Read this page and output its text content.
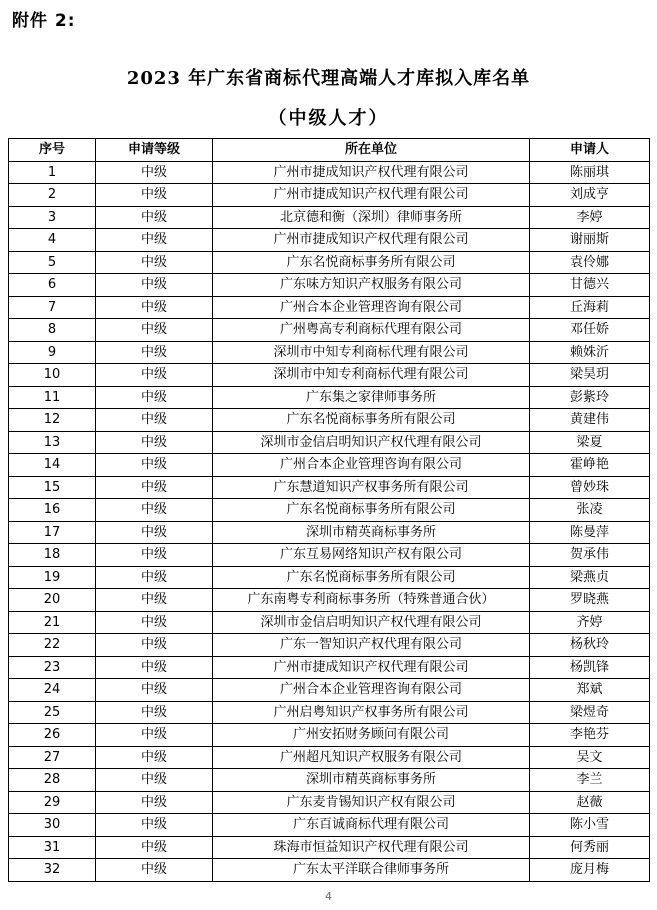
附件 2:
2023 年广东省商标代理高端人才库拟入库名单
（中级人才）
序号	申请等级	所在单位	申请人
1	中级	广州市捷成知识产权代理有限公司	陈丽琪
2	中级	广州市捷成知识产权代理有限公司	刘成亨
3	中级	北京德和衡（深圳）律师事务所	李婷
4	中级	广州市捷成知识产权代理有限公司	谢丽斯
5	中级	广东名悦商标事务所有限公司	袁伶娜
6	中级	广东味方知识产权服务有限公司	甘德兴
7	中级	广州合本企业管理咨询有限公司	丘海莉
8	中级	广州粤高专利商标代理有限公司	邓任娇
9	中级	深圳市中知专利商标代理有限公司	赖姝沂
10	中级	深圳市中知专利商标代理有限公司	梁昊玥
11	中级	广东集之家律师事务所	彭紫玲
12	中级	广东名悦商标事务所有限公司	黄建伟
13	中级	深圳市金信启明知识产权代理有限公司	梁夏
14	中级	广州合本企业管理咨询有限公司	霍峥艳
15	中级	广东慧道知识产权事务所有限公司	曾妙珠
16	中级	广东名悦商标事务所有限公司	张凌
17	中级	深圳市精英商标事务所	陈曼萍
18	中级	广东互易网络知识产权有限公司	贺承伟
19	中级	广东名悦商标事务所有限公司	梁燕贞
20	中级	广东南粤专利商标事务所（特殊普通合伙）	罗晓燕
21	中级	深圳市金信启明知识产权代理有限公司	齐婷
22	中级	广东一智知识产权代理有限公司	杨秋玲
23	中级	广州市捷成知识产权代理有限公司	杨凯锋
24	中级	广州合本企业管理咨询有限公司	郑斌
25	中级	广州启粤知识产权事务所有限公司	梁煜奇
26	中级	广州安拓财务顾问有限公司	李艳芬
27	中级	广州超凡知识产权服务有限公司	吴文
28	中级	深圳市精英商标事务所	李兰
29	中级	广东麦肯锡知识产权有限公司	赵薇
30	中级	广东百诚商标代理有限公司	陈小雪
31	中级	珠海市恒益知识产权代理有限公司	何秀丽
32	中级	广东太平洋联合律师事务所	庞月梅
4
